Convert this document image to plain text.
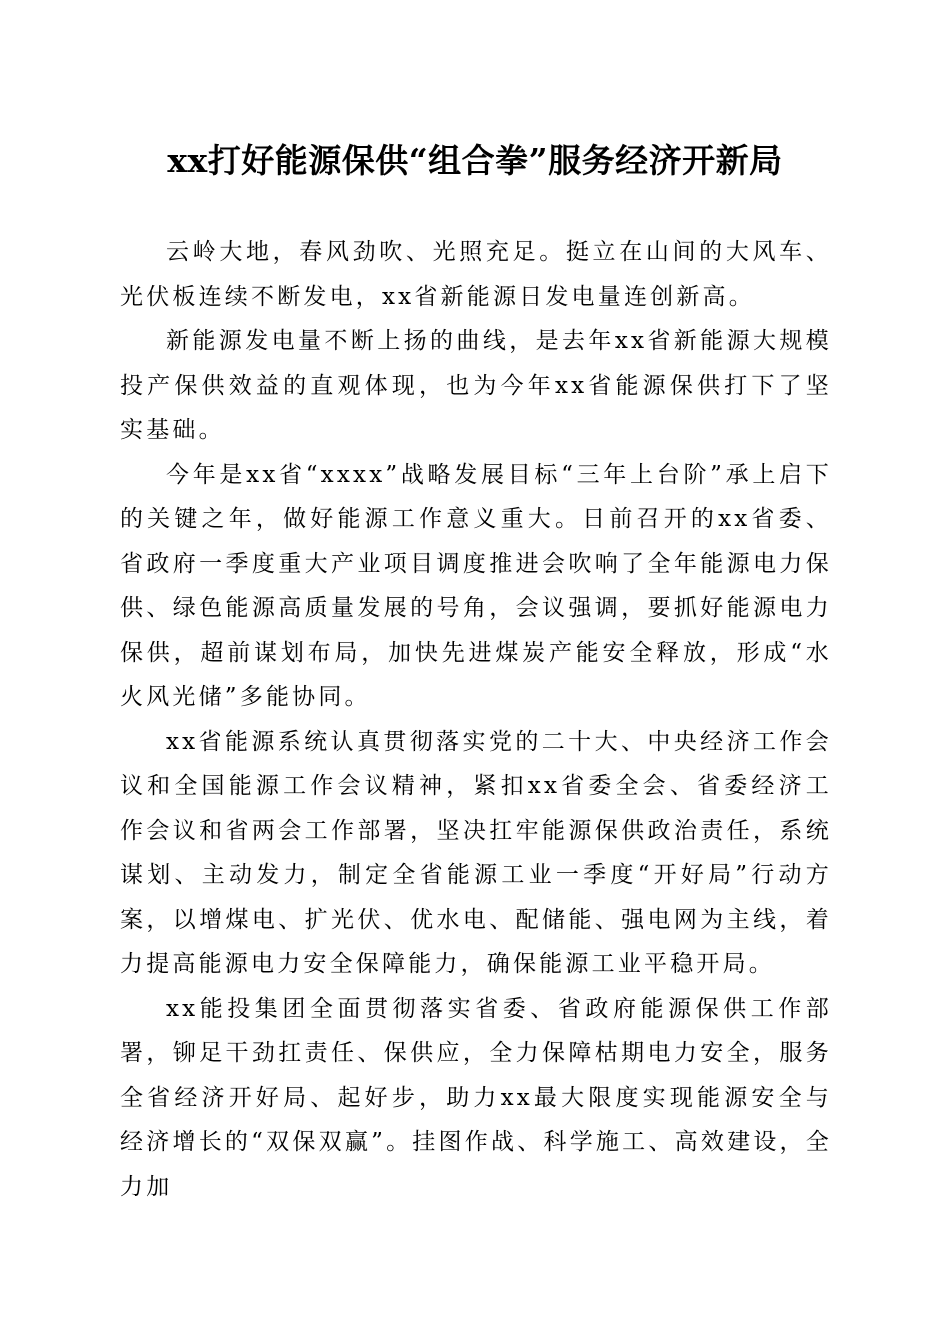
xx打好能源保供“组合拳”服务经济开新局

云岭大地，春风劲吹、光照充足。挺立在山间的大风车、光伏板连续不断发电，xx省新能源日发电量连创新高。

新能源发电量不断上扬的曲线，是去年xx省新能源大规模投产保供效益的直观体现，也为今年xx省能源保供打下了坚实基础。

今年是xx省“xxxx”战略发展目标“三年上台阶”承上启下的关键之年，做好能源工作意义重大。日前召开的xx省委、省政府一季度重大产业项目调度推进会吹响了全年能源电力保供、绿色能源高质量发展的号角，会议强调，要抓好能源电力保供，超前谋划布局，加快先进煤炭产能安全释放，形成“水火风光储”多能协同。

xx省能源系统认真贯彻落实党的二十大、中央经济工作会议和全国能源工作会议精神，紧扣xx省委全会、省委经济工作会议和省两会工作部署，坚决扛牢能源保供政治责任，系统谋划、主动发力，制定全省能源工业一季度“开好局”行动方案，以增煤电、扩光伏、优水电、配储能、强电网为主线，着力提高能源电力安全保障能力，确保能源工业平稳开局。

xx能投集团全面贯彻落实省委、省政府能源保供工作部署，铆足干劲扛责任、保供应，全力保障枯期电力安全，服务全省经济开好局、起好步，助力xx最大限度实现能源安全与经济增长的“双保双赢”。挂图作战、科学施工、高效建设，全力加
